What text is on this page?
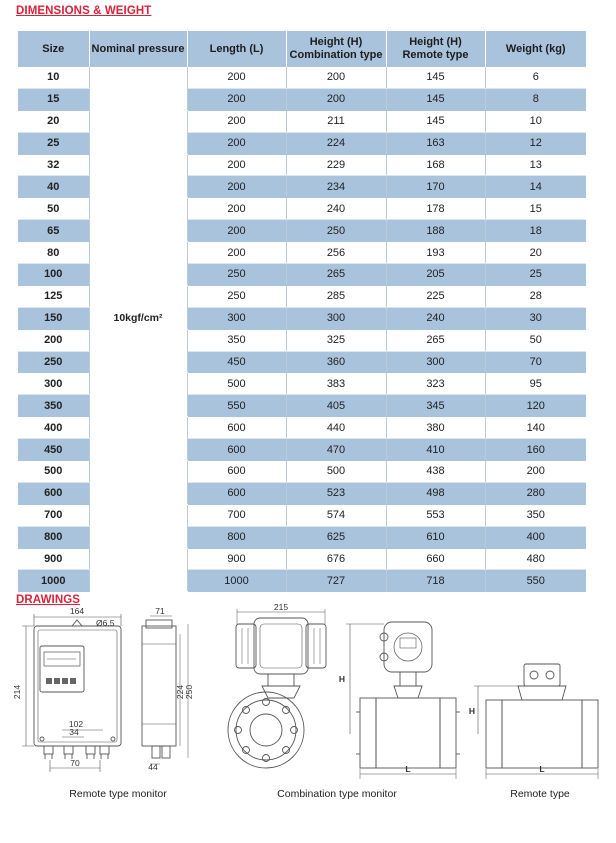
DIMENSIONS & WEIGHT
Size	Nominal pressure	Length (L)	Height (H) Combination type	Height (H) Remote type	Weight (kg)
10		200	200	145	6
15		200	200	145	8
20		200	211	145	10
25		200	224	163	12
32		200	229	168	13
40		200	234	170	14
50		200	240	178	15
65		200	250	188	18
80		200	256	193	20
100		250	265	205	25
125		250	285	225	28
150	10kgf/cm²	300	300	240	30
200		350	325	265	50
250		450	360	300	70
300		500	383	323	95
350		550	405	345	120
400		600	440	380	140
450		600	470	410	160
500		600	500	438	200
600		600	523	498	280
700		700	574	553	350
800		800	625	610	400
900		900	676	660	480
1000		1000	727	718	550
DRAWINGS
164
Ø6.5
214
102
34
70
71
224 250
44
215
H
L
H
L
Remote type monitor	Combination type monitor	Remote type
